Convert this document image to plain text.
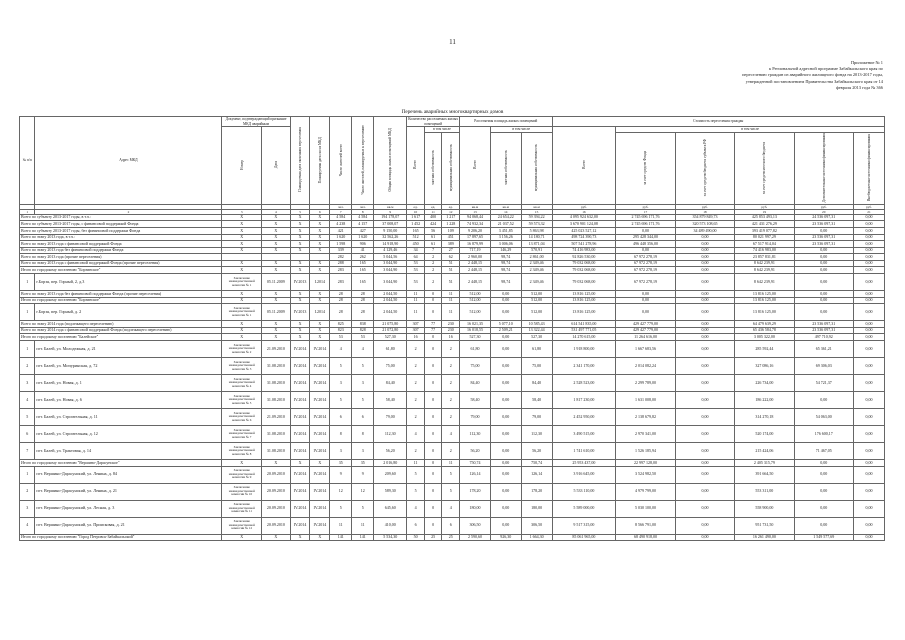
11
Приложение № 1
к Региональной адресной программе Забайкальского края по
переселению граждан из аварийного жилищного фонда на 2013-2017 годы,
утвержденной постановлением Правительства Забайкальского края от 14
февраля 2013 года № 366
Перечень аварийных многоквартирных домов
№ п/п	Адрес МКД	Документ, подтверждающий признание МКД аварийным		Планируемая дата окончания переселения	Планируемая дата сноса МКД	Число жителей всего	Число жителей, планируемых к переселению	Общая площадь жилых помещений МКД	Количество расселяемых жилых помещений			Расселяемая площадь жилых помещений			Стоимость переселения граждан					
		Номер	Дата						Всего	в том числе		Всего	в том числе		Всего	в том числе				
										частная собственность	муниципальная собственность		частная собственность	муниципальная собственность		за счет средств Фонда	за счет средств бюджета субъекта РФ	за счет средств местного бюджета	Дополнительные источники финансирования	Внебюджетные источники финансирования
						чел.	чел.	кв.м	ед.	ед.	ед.	кв.м	кв.м	кв.м	руб.	руб.	руб.	руб.	руб.	руб.
1	2	3	4	5	6	7	8	9	10	11	12	13	14	15	16	17	18	19	20	21
Всего по субъекту 2013-2017 годы, в т.ч.:		X	X	X	X	4 584	4 584	194 178,07	1 617	400	1 217	94 068,44	24 654,22	59 394,22	4 095 924 632,00	2 745 696 171,76	354 879 849,73	425 853 493,13	24 536 097,31	0,00
Всего по субъекту 2013-2017 годы, с финансовой поддержкой Фонда		X	X	X	X	4 238	4 157	37 008,07	1 452	424	1 228	74 932,34	21 037,52	59 573,32	3 670 901 124,08	2 745 696 171,76	320 573 108,65	421 431 276,29	23 536 097,31	0,00
Всего по субъекту 2013-2017 годы, без финансовой поддержки Фонда		X	X	X	X	421	427	9 150,00	165	56	109	9 206,20	3 451,85	5 863,98	425 023 527,12	0,00	34 489 490,00	393 419 077,82	0,00	0,00
Всего по этапу 2013 года, в т.ч.:		X	X	X	X	1 620	1 620	32 562,26	512	61	451	17 897,65	3 156,26	14 180,71	498 724 390,73	295 428 344,00	0,00	80 021 997,29	23 536 097,31	0,00
Всего по этапу 2013 года с финансовой поддержкой Фонда		X	X	X	X	1 598	906	14 918,90	450	61	389	16 879,99	3 006,06	13 871,04	507 541 278,96	496 448 356,00	0,00	67 517 914,04	23 536 097,31	0,00
Всего по этапу 2013 года без финансовой поддержки Фонда		X	X	X	X	339	41	4 129,46	34	7	27	717,19	146,29	570,91	74 416 983,00	0,00	0,00	74 416 983,00	0,00	0,00
Всего по этапу 2013 года (прочие переселения)						282	262	5 044,56	64	2	62	2 960,00	98,74	2 861,00	92 826 530,00	67 972 278,19	0,00	23 857 831,81	0,00	0,00
Всего по этапу 2013 года с финансовой поддержкой Фонда (прочие переселения)		X	X	X	X	288	165	3 044,90	53	2	51	2 448,15	98,74	2 349,46	79 032 068,00	67 972 278,19	0,00	8 642 239,91	0,00	0,00
Итого по городскому поселению "Борзинское"		X	X	X	X	283	165	3 044,90	53	2	51	2 448,15	98,74	2 349,46	79 032 068,00	67 972 278,19	0,00	8 642 239,91	0,00	0,00
1	г.Борзя, пер. Горный, 2, д.3	Заключение межведомственной комиссии № 1	05.11.2009	IV.2013	I.2014	283	165	3 044,90	53	2	51	2 448,15	98,74	2 349,46	79 032 068,00	67 972 278,19	0,00	8 642 239,91	0,00	0,00
Всего по этапу 2013 года без финансовой поддержки Фонда (прочие переселения)		X	X	X	X	28	28	2 044,50	11	0	11	512,00	0,00	512,00	13 816 125,00	0,00	0,00	13 816 125,00	0,00	0,00
Итого по городскому поселению "Борзинское"		X	X	X	X	28	28	2 044,50	11	0	11	512,00	0,00	512,00	13 816 125,00	0,00	0,00	13 816 125,00	0,00	0,00
1	г.Борзя, пер. Горный, д. 2	Заключение межведомственной комиссии № 1	05.11.2009	IV.2013	I.2014	28	28	2 044,50	11	0	11	512,00	0,00	512,00	13 816 125,00	0,00	0,00	13 816 125,00	0,00	0,00
Всего по этапу 2014 года (подлежащего переселению)		X	X	X	X	825	838	21 075,80	307	77	230	16 021,35	5 077,10	10 585,43	614 541 835,00	429 427 779,00	0,00	64 479 639,29	23 536 097,31	0,00
Всего по этапу 2014 года с финансовой поддержкой Фонда (подлежащего переселению)		X	X	X	X	823	828	21 072,80	307	77	230	16 018,55	2 509,21	13 322,44	531 497 771,05	429 427 779,00	0,00	65 436 584,78	23 536 097,31	0,00
Итого по городскому поселению "Балейское"		X	X	X	X	53	53	527,30	16	0	16	527,30	0,00	527,30	14 270 615,00	11 264 616,00	0,00	3 005 322,00	497 710,92	0,00
1	пгт. Балей, ул. Молодежная, д. 21	Заключение межведомственной комиссии № 2	21.09.2010	IV.2014	IV.2014	4	4	61,80	2	0	2	61,80	0,00	61,80	1 918 800,00	1 667 683,56	0,00	285 592,44	65 361,21	0,00
2	пгт. Балей, ул. Мичуринская, д. 72	Заключение межведомственной комиссии № 3	31.08.2010	IV.2014	IV.2014	5	5	75,00	2	0	2	75,00	0,00	75,00	2 341 170,00	2 014 082,24	0,00	327 086,16	69 306,03	0,00
3	пгт. Балей, ул. Новая, д. 1	Заключение межведомственной комиссии № 4	31.08.2010	IV.2014	IV.2014	3	3	84,40	2	0	2	84,40	0,00	84,40	2 528 523,00	2 299 789,00	0,00	226 734,00	54 721,37	0,00
4	пгт. Балей, ул. Новая, д. 6	Заключение межведомственной комиссии № 5	31.08.2010	IV.2014	IV.2014	5	5	58,40	2	0	2	58,40	0,00	58,40	1 817 230,00	1 631 008,00	0,00	186 222,00	0,00	0,00
5	пгт. Балей, ул. Строительная, д. 11	Заключение межведомственной комиссии № 6	21.09.2010	IV.2014	IV.2014	6	6	79,00	2	0	2	79,00	0,00	79,00	2 452 950,00	2 138 679,82	0,00	314 270,18	54 063,00	0,00
6	пгт. Балей, ул. Строительная, д. 12	Заключение межведомственной комиссии № 7	31.08.2010	IV.2014	IV.2014	8	8	112,30	4	0	4	112,30	0,00	112,30	3 490 515,00	2 970 341,00	0,00	520 174,00	176 600,17	0,00
7	пгт. Балей, ул. Трактовая, д. 14	Заключение межведомственной комиссии № 8	31.08.2010	IV.2014	IV.2014	3	3	56,20	2	0	2	56,20	0,00	56,20	1 741 610,00	1 526 185,94	0,00	215 424,06	71 467,05	0,00
Итого по городскому поселению "Вершино-Дарасунское"		X	X	X	X	35	35	2 016,80	11	0	11	750,74	0,00	750,74	25 953 437,00	22 997 128,00	0,00	2 405 315,79	0,00	0,00
1	пгт. Вершино-Дарасунский, ул. Ленина, д. 84	Заключение межведомственной комиссии № 9	20.09.2010	IV.2014	IV.2014	9	9	209,60	5	0	5	126,14	0,00	126,14	3 916 645,00	3 524 982,50	0,00	391 664,50	0,00	0,00
2	пгт. Вершино-Дарасунский, ул. Ленина, д. 21	Заключение межведомственной комиссии № 10	20.09.2010	IV.2014	IV.2014	12	12	589,30	5	0	5	178,20	0,00	178,20	5 533 110,00	4 979 799,00	0,00	553 311,00	0,00	0,00
3	пгт. Вершино-Дарасунский, ул. Лесная, д. 3	Заключение межведомственной комиссии № 11	20.09.2010	IV.2014	IV.2014	5	5	645,60	4	0	4	180,00	0,00	180,00	5 589 000,00	5 030 100,00	0,00	558 900,00	0,00	0,00
4	пгт. Вершино-Дарасунский, ул. Приисковая, д. 21	Заключение межведомственной комиссии № 12	20.09.2010	IV.2014	IV.2014	11	11	410,00	6	0	6	306,50	0,00	306,50	9 517 315,00	8 566 791,00	0,00	951 731,50	0,00	0,00
Итого по городскому поселению "Город Петровск-Забайкальский"		X	X	X	X	141	141	5 534,30	50	25	25	2 590,60	926,30	1 664,30	85 061 965,00	68 490 918,00	0,00	16 261 490,00	1 549 577,69	0,00
